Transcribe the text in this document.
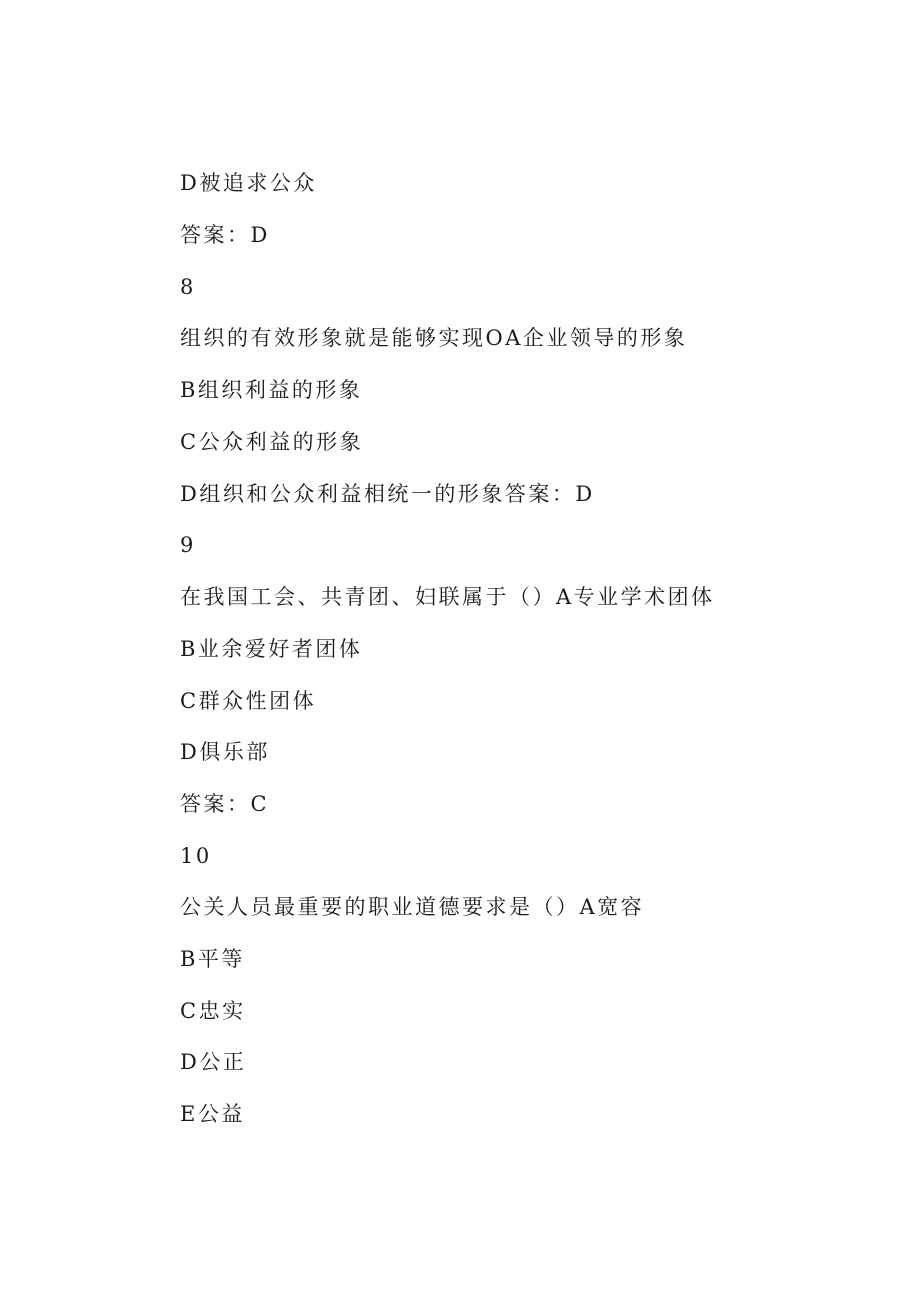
D被追求公众

答案：D

8

组织的有效形象就是能够实现OA企业领导的形象

B组织利益的形象

C公众利益的形象

D组织和公众利益相统一的形象答案：D

9

在我国工会、共青团、妇联属于（）A专业学术团体

B业余爱好者团体

C群众性团体

D俱乐部

答案：C

10

公关人员最重要的职业道德要求是（）A宽容

B平等

C忠实

D公正

E公益
